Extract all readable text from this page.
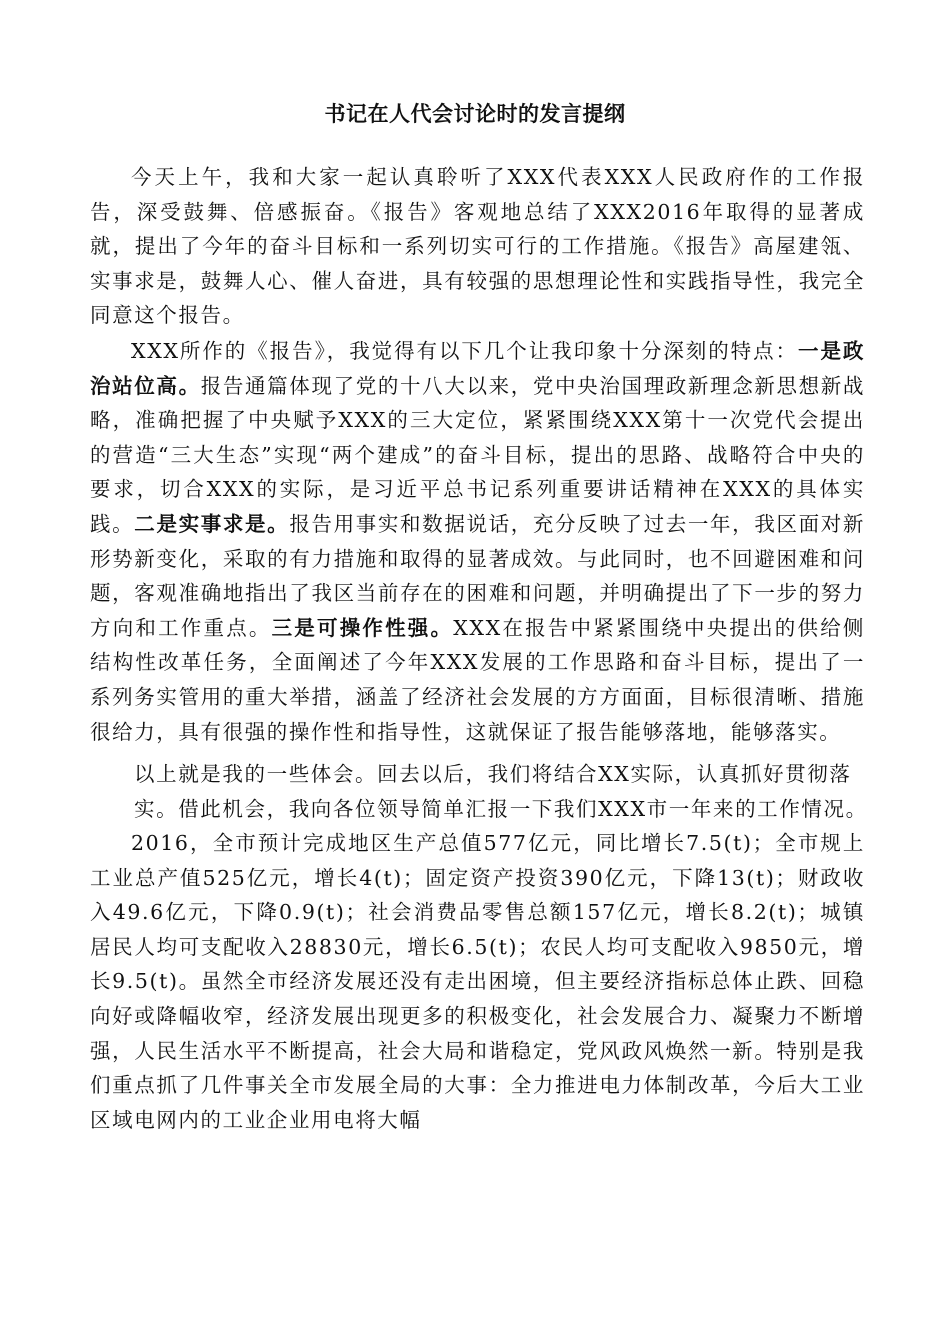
书记在人代会讨论时的发言提纲

今天上午，我和大家一起认真聆听了XXX代表XXX人民政府作的工作报告，深受鼓舞、倍感振奋。《报告》客观地总结了XXX2016年取得的显著成就，提出了今年的奋斗目标和一系列切实可行的工作措施。《报告》高屋建瓴、实事求是，鼓舞人心、催人奋进，具有较强的思想理论性和实践指导性，我完全同意这个报告。

XXX所作的《报告》，我觉得有以下几个让我印象十分深刻的特点：一是政治站位高。报告通篇体现了党的十八大以来，党中央治国理政新理念新思想新战略，准确把握了中央赋予XXX的三大定位，紧紧围绕XXX第十一次党代会提出的营造“三大生态”实现“两个建成”的奋斗目标，提出的思路、战略符合中央的要求，切合XXX的实际，是习近平总书记系列重要讲话精神在XXX的具体实践。二是实事求是。报告用事实和数据说话，充分反映了过去一年，我区面对新形势新变化，采取的有力措施和取得的显著成效。与此同时，也不回避困难和问题，客观准确地指出了我区当前存在的困难和问题，并明确提出了下一步的努力方向和工作重点。三是可操作性强。XXX在报告中紧紧围绕中央提出的供给侧结构性改革任务，全面阐述了今年XXX发展的工作思路和奋斗目标，提出了一系列务实管用的重大举措，涵盖了经济社会发展的方方面面，目标很清晰、措施很给力，具有很强的操作性和指导性，这就保证了报告能够落地，能够落实。

以上就是我的一些体会。回去以后，我们将结合XX实际，认真抓好贯彻落

实。借此机会，我向各位领导简单汇报一下我们XXX市一年来的工作情况。

2016，全市预计完成地区生产总值577亿元，同比增长7.5(t)；全市规上工业总产值525亿元，增长4(t)；固定资产投资390亿元，下降13(t)；财政收入49.6亿元，下降0.9(t)；社会消费品零售总额157亿元，增长8.2(t)；城镇居民人均可支配收入28830元，增长6.5(t)；农民人均可支配收入9850元，增长9.5(t)。虽然全市经济发展还没有走出困境，但主要经济指标总体止跌、回稳向好或降幅收窄，经济发展出现更多的积极变化，社会发展合力、凝聚力不断增强，人民生活水平不断提高，社会大局和谐稳定，党风政风焕然一新。特别是我们重点抓了几件事关全市发展全局的大事：全力推进电力体制改革，今后大工业区域电网内的工业企业用电将大幅
